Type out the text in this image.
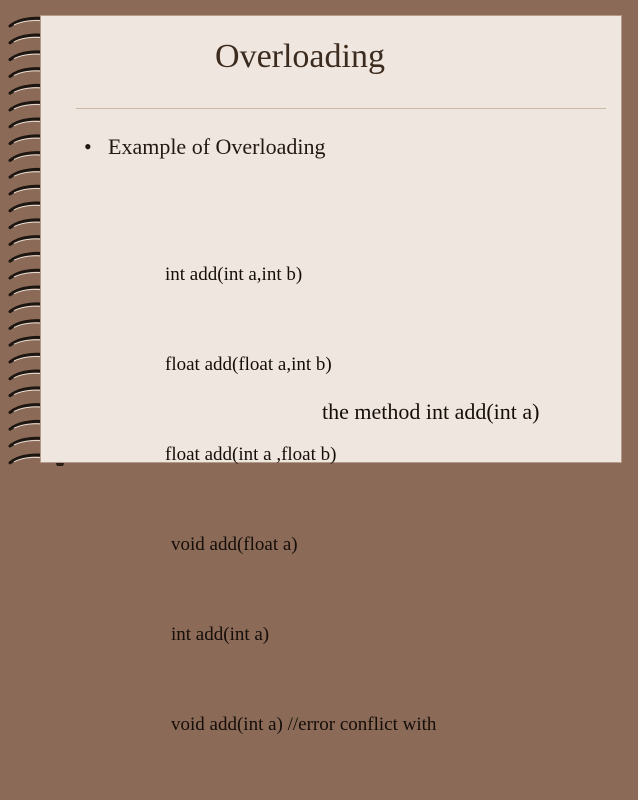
Overloading
• Example of Overloading

int add(int a,int b)

float add(float a,int b)

float add(int a ,float b)

void add(float a)

int add(int a)

void add(int a) //error conflict with

the method int add(int a)
